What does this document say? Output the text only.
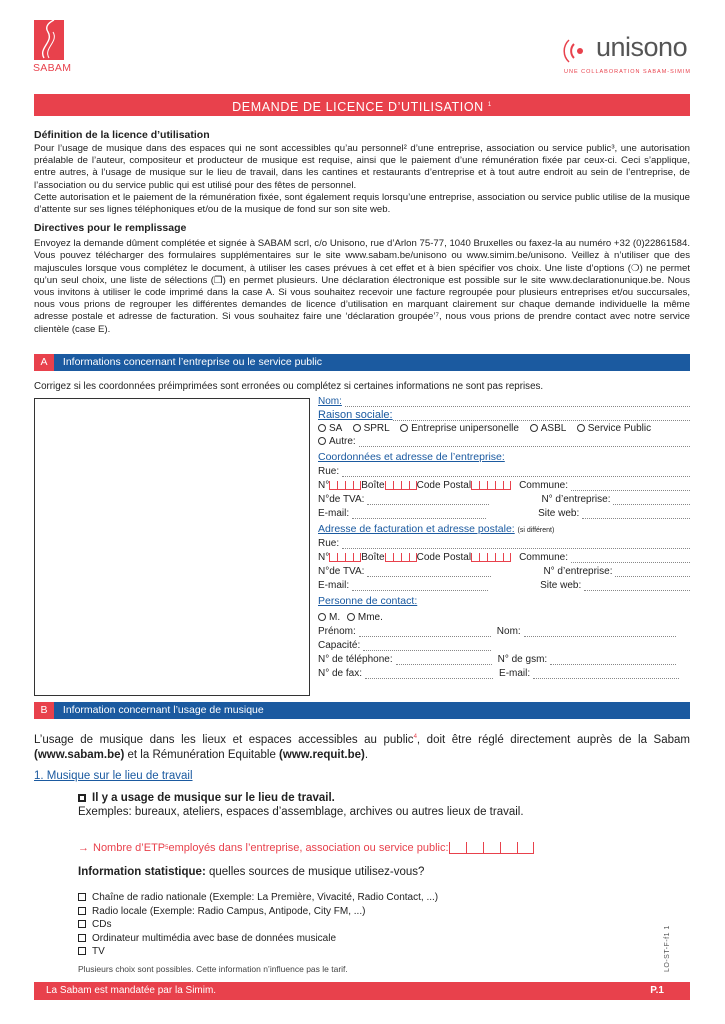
SABAM
unisono
UNE COLLABORATION SABAM-SIMIM
DEMANDE DE LICENCE D’UTILISATION $^1$
Définition de la licence d’utilisation
Pour l’usage de musique dans des espaces qui ne sont accessibles qu’au personnel² d’une entreprise, association ou service public³, une autorisation préalable de l’auteur, compositeur et producteur de musique est requise, ainsi que le paiement d’une rémunération fixée par ceux-ci. Ceci s’applique, entre autres, à l’usage de musique sur le lieu de travail, dans les cantines et restaurants d’entreprise et à tout autre endroit au sein de l’entreprise, de l’association ou du service public qui est utilisé pour des fêtes de personnel.
Cette autorisation et le paiement de la rémunération fixée, sont également requis lorsqu’une entreprise, association ou service public utilise de la musique d’attente sur ses lignes téléphoniques et/ou de la musique de fond sur son site web.
Directives pour le remplissage
Envoyez la demande dûment complétée et signée à SABAM scrl, c/o Unisono, rue d’Arlon 75-77, 1040 Bruxelles ou faxez-la au numéro +32 (0)22861584. Vous pouvez télécharger des formulaires supplémentaires sur le site www.sabam.be/unisono ou www.simim.be/unisono. Veillez à n’utiliser que des majuscules lorsque vous complétez le document, à utiliser les cases prévues à cet effet et à bien spécifier vos choix. Une liste d’options (❍) ne permet qu’un seul choix, une liste de sélections (❒) en permet plusieurs. Une déclaration électronique est possible sur le site www.declarationunique.be. Nous vous invitons à utiliser le code imprimé dans la case A. Si vous souhaitez recevoir une facture regroupée pour plusieurs entreprises et/ou succursales, nous vous prions de regrouper les différentes demandes de licence d’utilisation en marquant clairement sur chaque demande individuelle la même adresse postale et adresse de facturation. Si vous souhaitez faire une ‘déclaration groupée’⁷, nous vous prions de prendre contact avec notre service clientèle (case E).
A Informations concernant l’entreprise ou le service public
Corrigez si les coordonnées préimprimées sont erronées ou complétez si certaines informations ne sont pas reprises.
Nom:
Raison sociale:
SA SPRL Entreprise unipersonelle ASBL Service Public
Autre:
Coordonnées et adresse de l’entreprise:
Rue:
N°	Boîte	Code Postal	Commune:
N°de TVA:	N° d’entreprise:
E-mail:	Site web:
Adresse de facturation et adresse postale: (si différent)
Rue:
N°	Boîte	Code Postal	Commune:
N°de TVA:	N° d’entreprise:
E-mail:	Site web:
Personne de contact:
M. Mme.
Prénom:	Nom:
Capacité:
N° de téléphone:	N° de gsm:
N° de fax:	E-mail:
B Information concernant l’usage de musique
L’usage de musique dans les lieux et espaces accessibles au public$^4$, doit être réglé directement auprès de la Sabam (www.sabam.be) et la Rémunération Equitable (www.requit.be).
1. Musique sur le lieu de travail
Il y a usage de musique sur le lieu de travail.
Exemples: bureaux, ateliers, espaces d’assemblage, archives ou autres lieux de travail.
→ Nombre d’ETP 5 employés dans l’entreprise, association ou service public:
Information statistique: quelles sources de musique utilisez-vous?
Chaîne de radio nationale (Exemple: La Première, Vivacité, Radio Contact, ...)
Radio locale (Exemple: Radio Campus, Antipode, City FM, ...)
CDs
Ordinateur multimédia avec base de données musicale
TV
Plusieurs choix sont possibles. Cette information n’influence pas le tarif.	LO-ST-F-f1 1
La Sabam est mandatée par la Simim.	P.1
